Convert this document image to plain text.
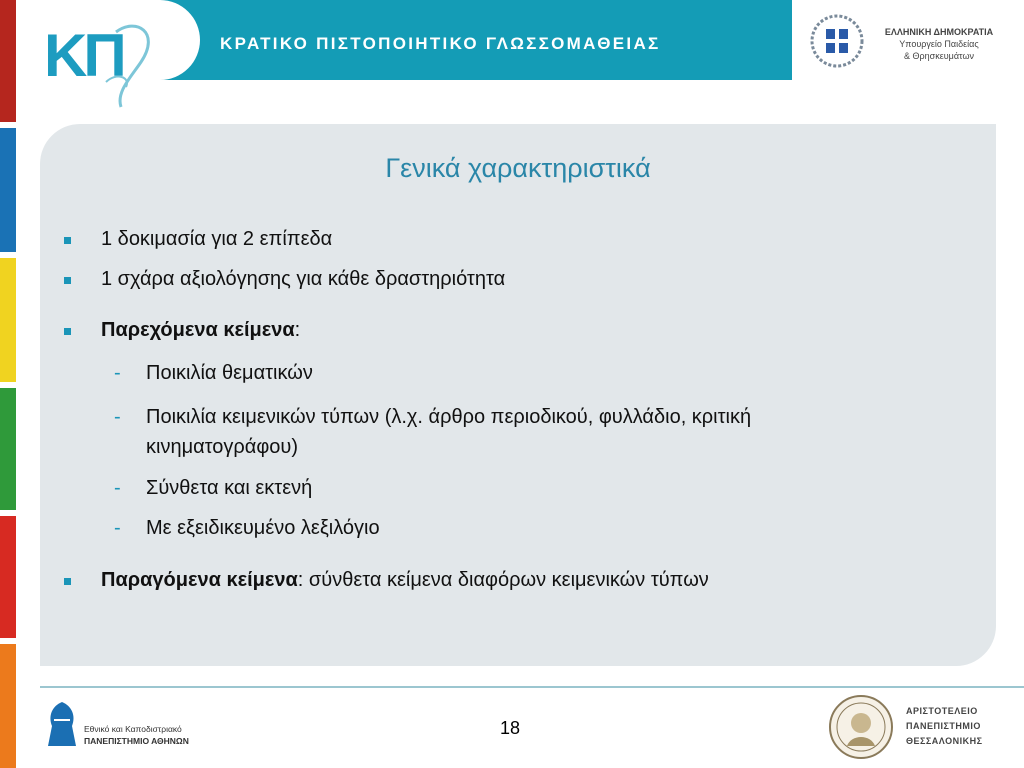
ΚΠ	ΚΡΑΤΙΚΟ ΠΙΣΤΟΠΟΙΗΤΙΚΟ ΓΛΩΣΣΟΜΑΘΕΙΑΣ
ΕΛΛΗΝΙΚΗ ΔΗΜΟΚΡΑΤΙΑ
Υπουργείο Παιδείας
& Θρησκευμάτων
Γενικά χαρακτηριστικά
1 δοκιμασία για 2 επίπεδα
1 σχάρα αξιολόγησης για κάθε δραστηριότητα
Παρεχόμενα κείμενα:
- Ποικιλία θεματικών
- Ποικιλία κειμενικών τύπων (λ.χ. άρθρο περιοδικού, φυλλάδιο, κριτική
κινηματογράφου)
- Σύνθετα και εκτενή
- Με εξειδικευμένο λεξιλόγιο
Παραγόμενα κείμενα: σύνθετα κείμενα διαφόρων κειμενικών τύπων
Εθνικό και Καποδιστριακό
ΠΑΝΕΠΙΣΤΗΜΙΟ ΑΘΗΝΩΝ
18
ΑΡΙΣΤΟΤΕΛΕΙΟ
ΠΑΝΕΠΙΣΤΗΜΙΟ
ΘΕΣΣΑΛΟΝΙΚΗΣ
